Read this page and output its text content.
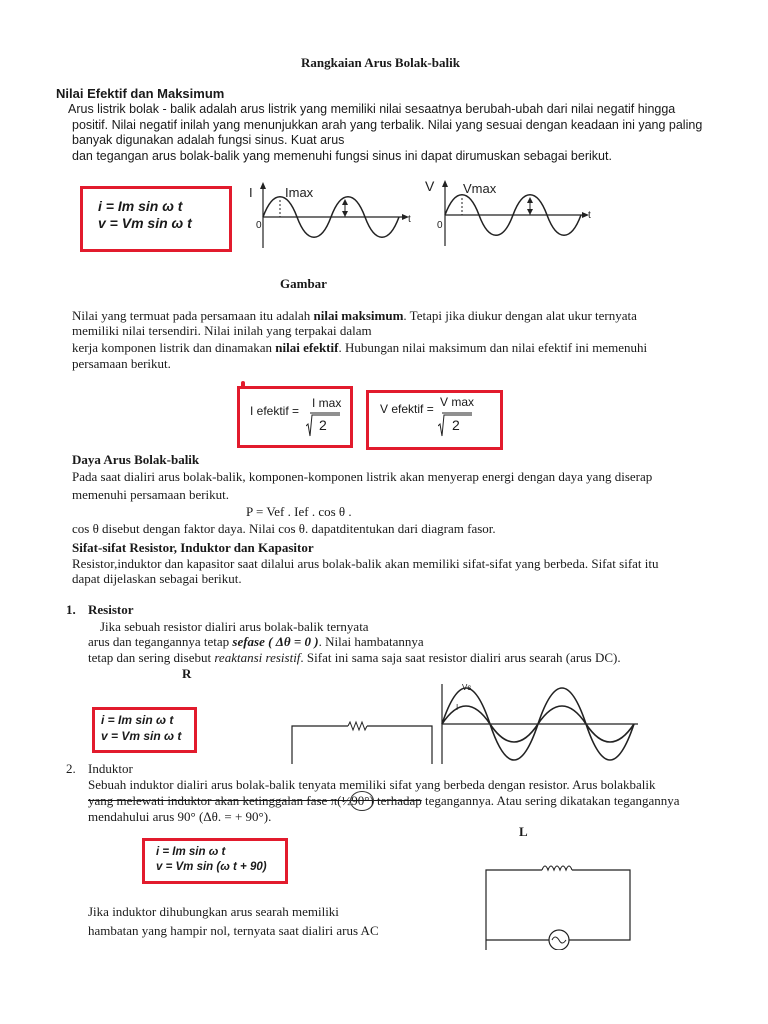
Rangkaian Arus Bolak-balik
Nilai Efektif dan Maksimum
Arus listrik bolak - balik adalah arus listrik yang memiliki nilai sesaatnya berubah-ubah dari nilai negatif hingga
positif. Nilai negatif inilah yang menunjukkan arah yang terbalik. Nilai yang sesuai dengan keadaan ini yang paling
banyak digunakan adalah fungsi sinus. Kuat arus
dan tegangan arus bolak-balik yang memenuhi fungsi sinus ini dapat dirumuskan sebagai berikut.
i = Im sin ω t
v = Vm sin ω t
I Imax
t
0
V Vmax
t
0
Gambar
Nilai yang termuat pada persamaan itu adalah nilai maksimum. Tetapi jika diukur dengan alat ukur ternyata
memiliki nilai tersendiri. Nilai inilah yang terpakai dalam
kerja komponen listrik dan dinamakan nilai efektif. Hubungan nilai maksimum dan nilai efektif ini memenuhi
persamaan berikut.
I efektif =
I max
2
V efektif = V max
2
Daya Arus Bolak-balik
Pada saat dialiri arus bolak-balik, komponen-komponen listrik akan menyerap energi dengan daya yang diserap
memenuhi persamaan berikut.
P = Vef . Ief . cos θ .
cos θ disebut dengan faktor daya. Nilai cos θ. dapatditentukan dari diagram fasor.
Sifat-sifat Resistor, Induktor dan Kapasitor
Resistor,induktor dan kapasitor saat dilalui arus bolak-balik akan memiliki sifat-sifat yang berbeda. Sifat sifat itu
dapat dijelaskan sebagai berikut.
1. Resistor
Jika sebuah resistor dialiri arus bolak-balik ternyata
arus dan tegangannya tetap sefase ( Δθ = 0 ). Nilai hambatannya
tetap dan sering disebut reaktansi resistif. Sifat ini sama saja saat resistor dialiri arus searah (arus DC).
R
i = Im sin ω t
v = Vm sin ω t
Vs
I
2. Induktor
Sebuah induktor dialiri arus bolak-balik tenyata memiliki sifat yang berbeda dengan resistor. Arus bolakbalik
yang melewati induktor akan ketinggalan fase π(½90°) terhadap tegangannya. Atau sering dikatakan tegangannya
mendahului arus 90° (Δθ. = + 90°).
L
i = Im sin ω t
v = Vm sin (ω t + 90)
Jika induktor dihubungkan arus searah memiliki
hambatan yang hampir nol, ternyata saat dialiri arus AC
